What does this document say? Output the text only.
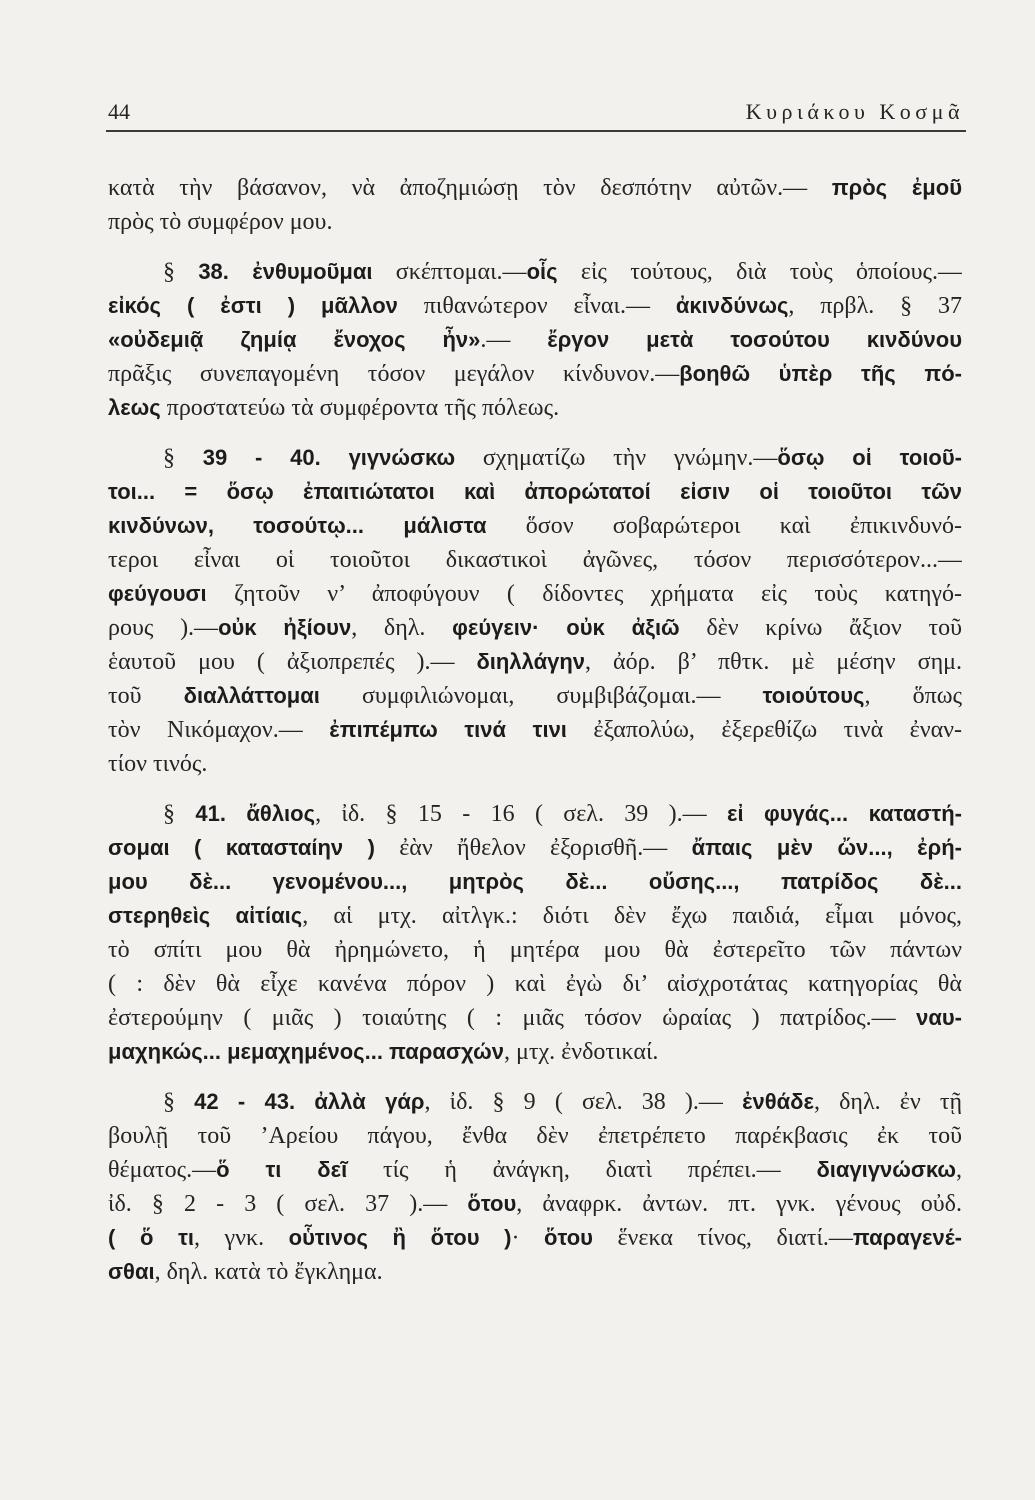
44	Κυριάκου Κοσμᾶ
κατὰ τὴν βάσανον, νὰ ἀποζημιώσῃ τὸν δεσπότην αὐτῶν.— πρὸς ἐμοῦ
πρὸς τὸ συμφέρον μου.
§ 38. ἐνθυμοῦμαι σκέπτομαι.—οἷς εἰς τούτους, διὰ τοὺς ὁποίους.—
εἰκός ( ἐστι ) μᾶλλον πιθανώτερον εἶναι.— ἀκινδύνως, πρβλ. § 37
«οὐδεμιᾷ ζημίᾳ ἔνοχος ἦν».— ἔργον μετὰ τοσούτου κινδύνου
πρᾶξις συνεπαγομένη τόσον μεγάλον κίνδυνον.—βοηθῶ ὑπὲρ τῆς πό-
λεως προστατεύω τὰ συμφέροντα τῆς πόλεως.
§ 39 - 40. γιγνώσκω σχηματίζω τὴν γνώμην.—ὅσῳ οἱ τοιοῦ-
τοι... = ὅσῳ ἐπαιτιώτατοι καὶ ἀπορώτατοί εἰσιν οἱ τοιοῦτοι τῶν
κινδύνων, τοσούτῳ... μάλιστα ὅσον σοβαρώτεροι καὶ ἐπικινδυνό-
τεροι εἶναι οἱ τοιοῦτοι δικαστικοὶ ἀγῶνες, τόσον περισσότερον...—
φεύγουσι ζητοῦν ν’ ἀποφύγουν ( δίδοντες χρήματα εἰς τοὺς κατηγό-
ρους ).—οὐκ ἠξίουν, δηλ. φεύγειν· οὐκ ἀξιῶ δὲν κρίνω ἄξιον τοῦ
ἑαυτοῦ μου ( ἀξιοπρεπές ).— διηλλάγην, ἀόρ. β’ πθτκ. μὲ μέσην σημ.
τοῦ διαλλάττομαι συμφιλιώνομαι, συμβιβάζομαι.— τοιούτους, ὅπως
τὸν Νικόμαχον.— ἐπιπέμπω τινά τινι ἐξαπολύω, ἐξερεθίζω τινὰ ἐναν-
τίον τινός.
§ 41. ἄθλιος, ἰδ. § 15 - 16 ( σελ. 39 ).— εἰ φυγάς... καταστή-
σομαι ( κατασταίην ) ἐὰν ἤθελον ἐξορισθῆ.— ἄπαις μὲν ὤν..., ἐρή-
μου δὲ... γενομένου..., μητρὸς δὲ... οὔσης..., πατρίδος δὲ...
στερηθεὶς αἰτίαις, αἱ μτχ. αἰτλγκ.: διότι δὲν ἔχω παιδιά, εἶμαι μόνος,
τὸ σπίτι μου θὰ ἠρημώνετο, ἡ μητέρα μου θὰ ἐστερεῖτο τῶν πάντων
( : δὲν θὰ εἶχε κανένα πόρον ) καὶ ἐγὼ δι’ αἰσχροτάτας κατηγορίας θὰ
ἐστερούμην ( μιᾶς ) τοιαύτης ( : μιᾶς τόσον ὡραίας ) πατρίδος.— ναυ-
μαχηκώς... μεμαχημένος... παρασχών, μτχ. ἐνδοτικαί.
§ 42 - 43. ἀλλὰ γάρ, ἰδ. § 9 ( σελ. 38 ).— ἐνθάδε, δηλ. ἐν τῇ
βουλῇ τοῦ ’Αρείου πάγου, ἔνθα δὲν ἐπετρέπετο παρέκβασις ἐκ τοῦ
θέματος.—ὅ τι δεῖ τίς ἡ ἀνάγκη, διατὶ πρέπει.— διαγιγνώσκω,
ἰδ. § 2 - 3 ( σελ. 37 ).— ὅτου, ἀναφρκ. ἀντων. πτ. γνκ. γένους οὐδ.
( ὅ τι, γνκ. οὗτινος ἢ ὅτου )· ὅτου ἕνεκα τίνος, διατί.—παραγενέ-
σθαι, δηλ. κατὰ τὸ ἔγκλημα.
